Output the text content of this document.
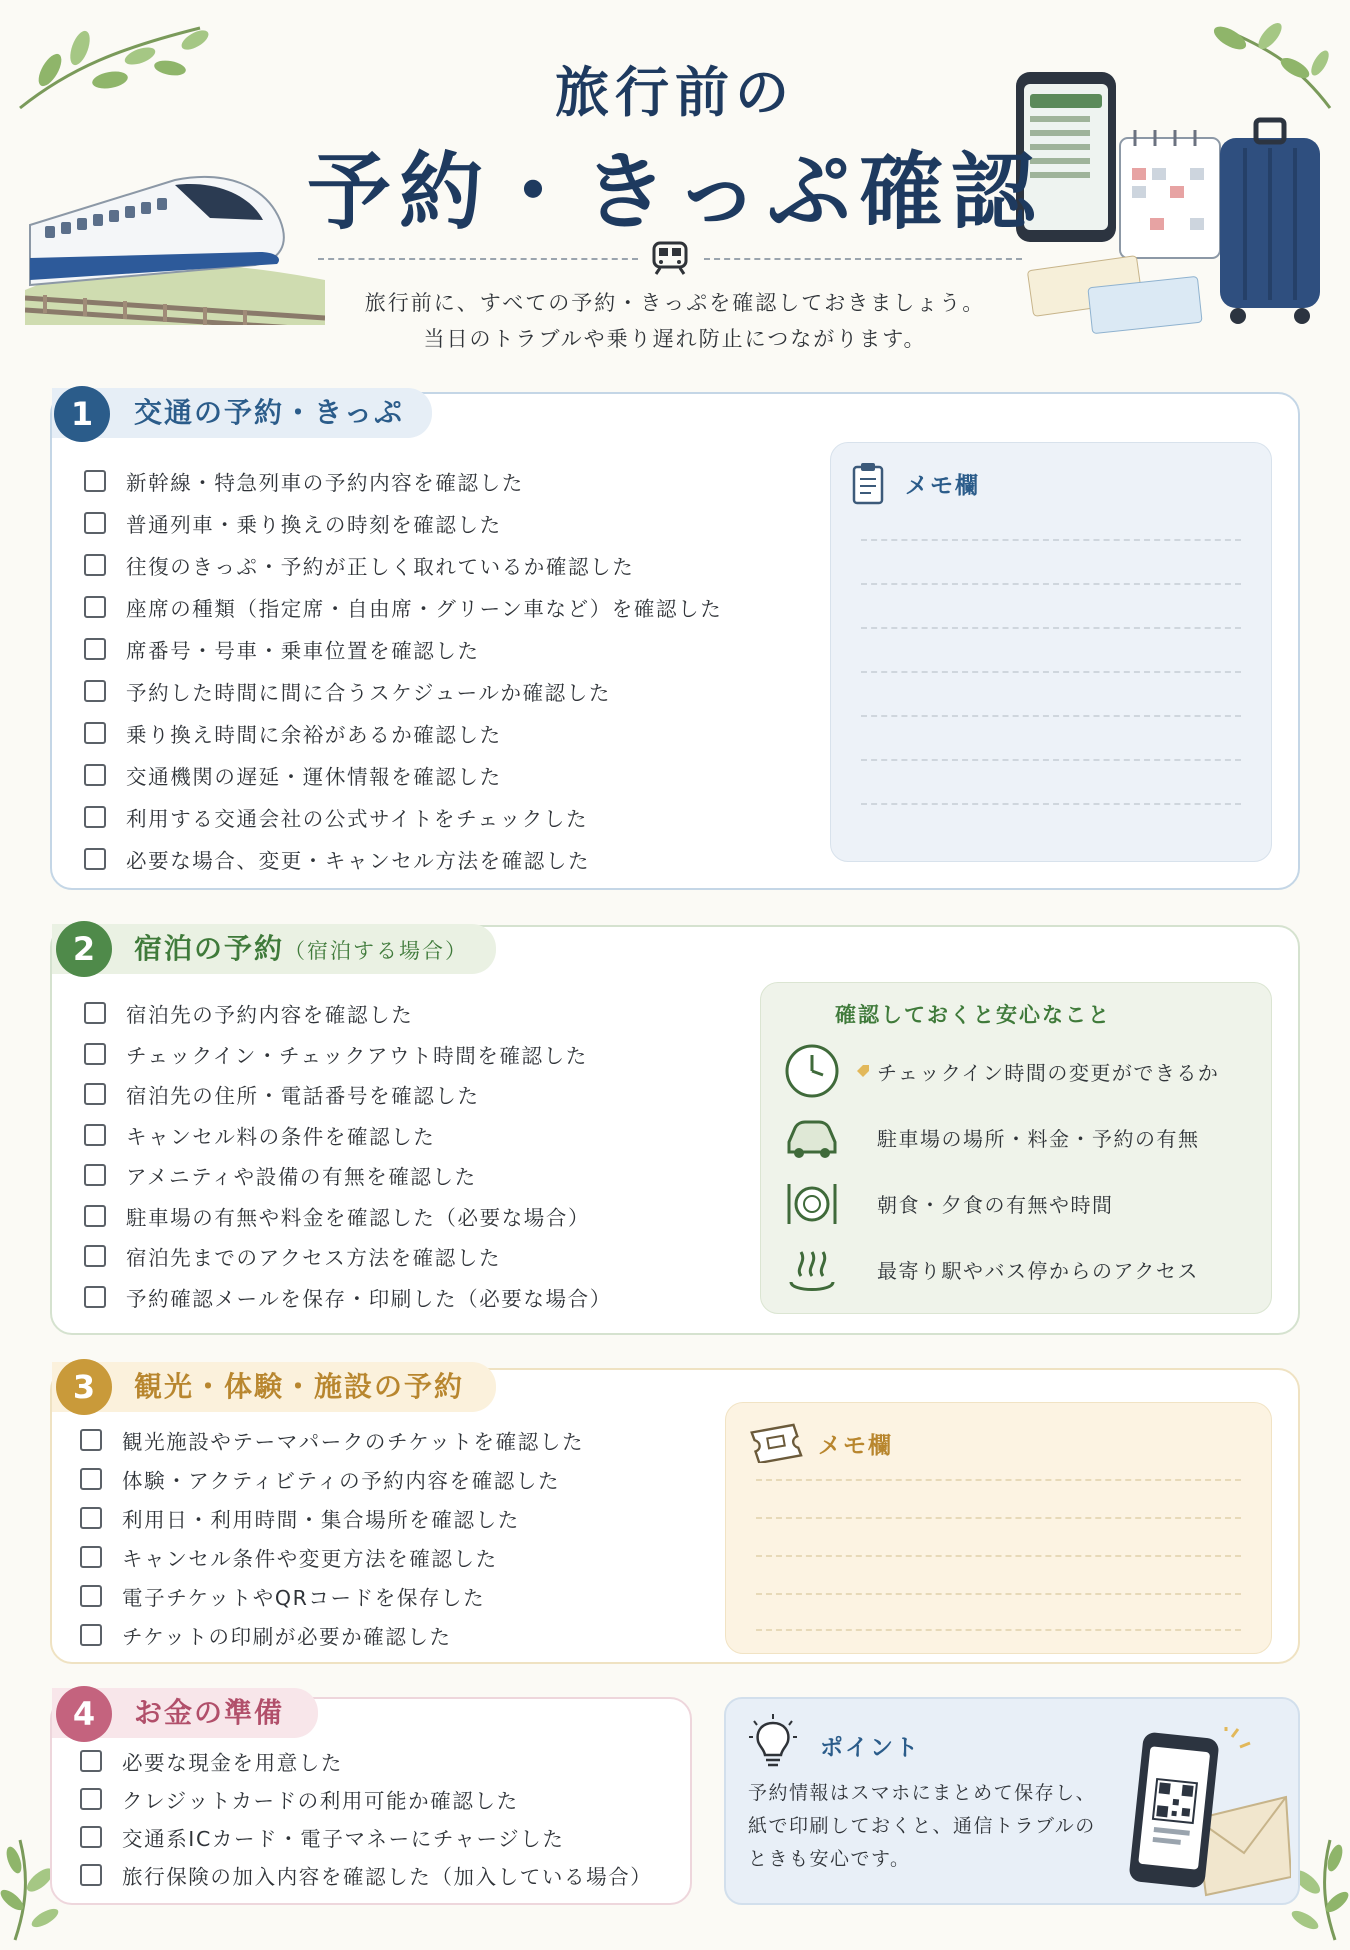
旅行前の
予約・きっぷ確認
旅行前に、すべての予約・きっぷを確認しておきましょう。
当日のトラブルや乗り遅れ防止につながります。
交通の予約・きっぷ
1
新幹線・特急列車の予約内容を確認した
普通列車・乗り換えの時刻を確認した
往復のきっぷ・予約が正しく取れているか確認した
座席の種類（指定席・自由席・グリーン車など）を確認した
席番号・号車・乗車位置を確認した
予約した時間に間に合うスケジュールか確認した
乗り換え時間に余裕があるか確認した
交通機関の遅延・運休情報を確認した
利用する交通会社の公式サイトをチェックした
必要な場合、変更・キャンセル方法を確認した
メモ欄
宿泊の予約（宿泊する場合）
2
宿泊先の予約内容を確認した
チェックイン・チェックアウト時間を確認した
宿泊先の住所・電話番号を確認した
キャンセル料の条件を確認した
アメニティや設備の有無を確認した
駐車場の有無や料金を確認した（必要な場合）
宿泊先までのアクセス方法を確認した
予約確認メールを保存・印刷した（必要な場合）
確認しておくと安心なこと
チェックイン時間の変更ができるか
駐車場の場所・料金・予約の有無
朝食・夕食の有無や時間
最寄り駅やバス停からのアクセス
観光・体験・施設の予約
3
観光施設やテーマパークのチケットを確認した
体験・アクティビティの予約内容を確認した
利用日・利用時間・集合場所を確認した
キャンセル条件や変更方法を確認した
電子チケットやQRコードを保存した
チケットの印刷が必要か確認した
メモ欄
お金の準備
4
必要な現金を用意した
クレジットカードの利用可能か確認した
交通系ICカード・電子マネーにチャージした
旅行保険の加入内容を確認した（加入している場合）
ポイント
予約情報はスマホにまとめて保存し、
紙で印刷しておくと、通信トラブルの
ときも安心です。
